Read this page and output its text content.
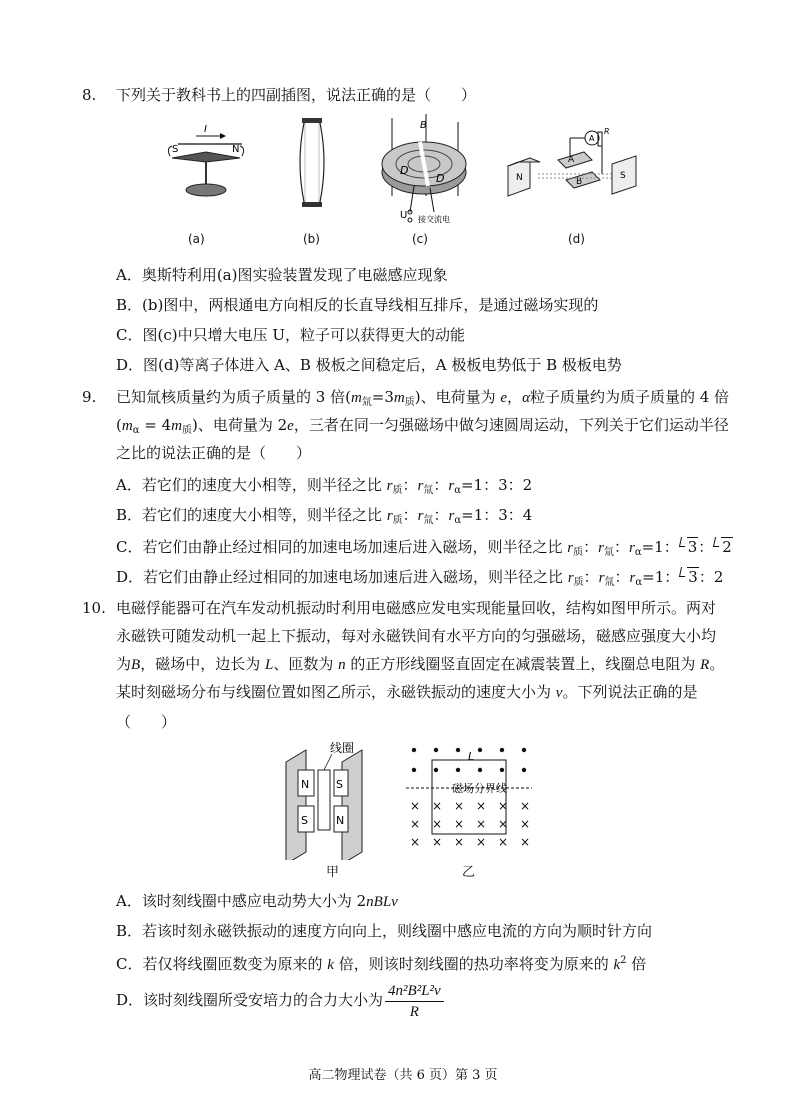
8. 下列关于教科书上的四副插图，说法正确的是（　　）
I
S	N
B
D
D
U 接交流电
A
R
N
A
B
S
(a)	(b)	(c)	(d)
A．奥斯特利用(a)图实验装置发现了电磁感应现象
B．(b)图中，两根通电方向相反的长直导线相互排斥，是通过磁场实现的
C．图(c)中只增大电压 U，粒子可以获得更大的动能
D．图(d)等离子体进入 A、B 极板之间稳定后，A 极板电势低于 B 极板电势
9. 已知氚核质量约为质子质量的 3 倍$(m_氚=3m_质)$、电荷量为 e，α粒子质量约为质子质量的 4 倍
$(m_\alpha = 4m_质)$、电荷量为 2e，三者在同一匀强磁场中做匀速圆周运动，下列关于它们运动半径
之比的说法正确的是（　　）
A．若它们的速度大小相等，则半径之比 $r_质$：$r_氚$：$r_\alpha=1$：3：2
B．若它们的速度大小相等，则半径之比 $r_质$：$r_氚$：$r_\alpha=1$：3：4
C．若它们由静止经过相同的加速电场加速后进入磁场，则半径之比 $r_质$：$r_氚$：$r_\alpha=1$： 3： 2
D．若它们由静止经过相同的加速电场加速后进入磁场，则半径之比 $r_质$：$r_氚$：$r_\alpha=1$： 3：2
10. 电磁俘能器可在汽车发动机振动时利用电磁感应发电实现能量回收，结构如图甲所示。两对
永磁铁可随发动机一起上下振动，每对永磁铁间有水平方向的匀强磁场，磁感应强度大小均
为B，磁场中，边长为 L、匝数为 n 的正方形线圈竖直固定在减震装置上，线圈总电阻为 R。
某时刻磁场分布与线圈位置如图乙所示，永磁铁振动的速度大小为 v。下列说法正确的是
（　　）
N S
S	N
线圈
L
磁场分界线
× × × × × ×
× × × × × ×
× × × × × ×
甲	乙
A．该时刻线圈中感应电动势大小为 2nBLv
B．若该时刻永磁铁振动的速度方向向上，则线圈中感应电流的方向为顺时针方向
C．若仅将线圈匝数变为原来的 k 倍，则该时刻线圈的热功率将变为原来的 $k^2$ 倍
D．该时刻线圈所受安培力的合力大小为 $\frac{\text{4n²B²L²v}}{R}$
高二物理试卷（共 6 页）第 3 页
